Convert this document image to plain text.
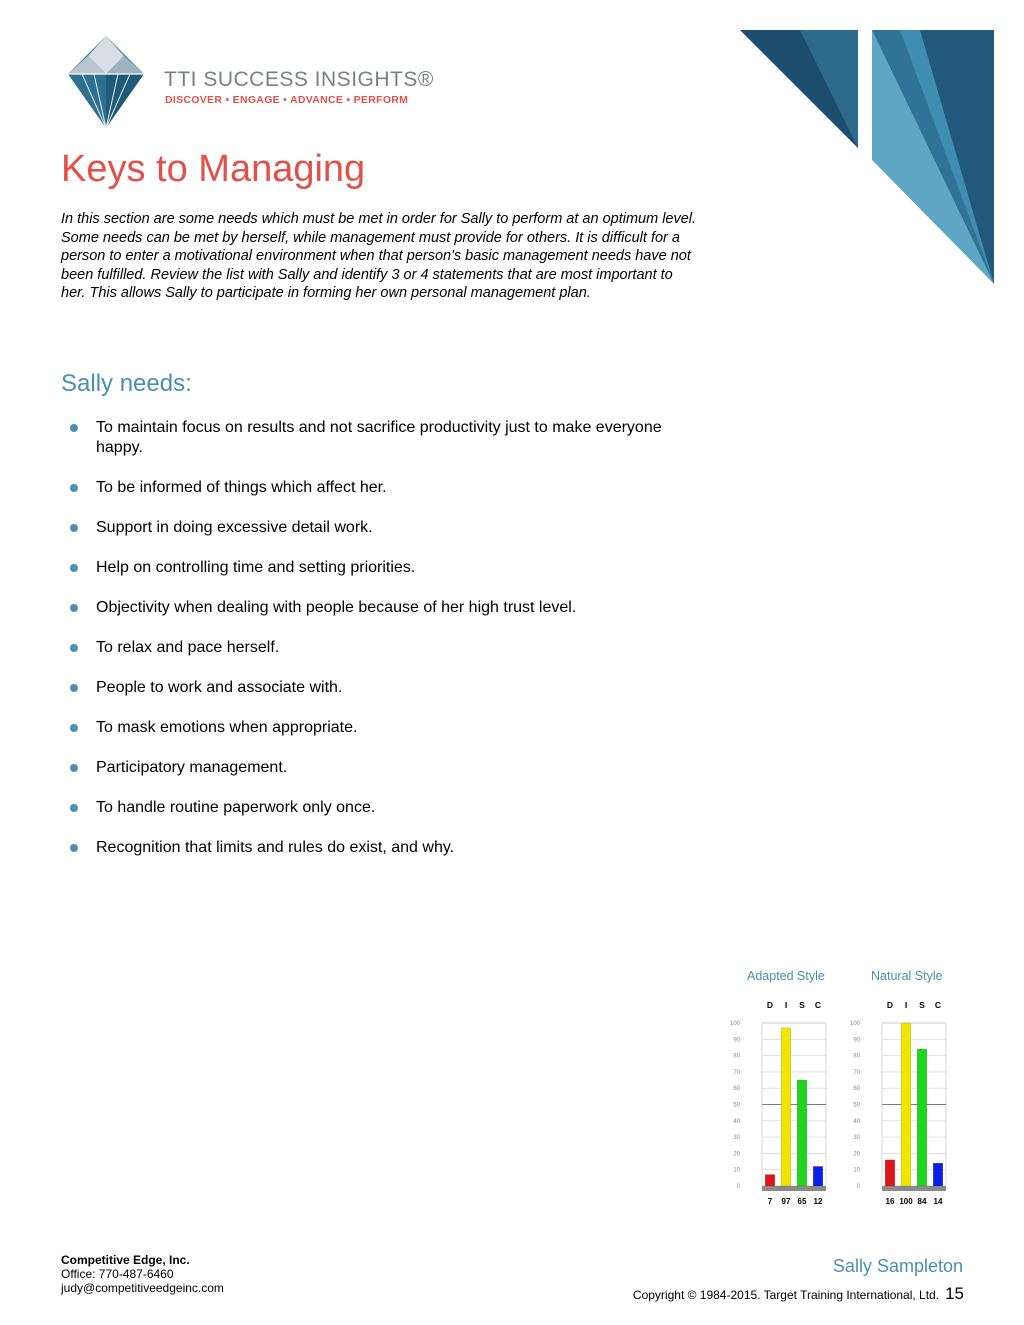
TTI SUCCESS INSIGHTS®
DISCOVER • ENGAGE • ADVANCE • PERFORM
Keys to Managing

In this section are some needs which must be met in order for Sally to perform at an optimum level. Some needs can be met by herself, while management must provide for others. It is difficult for a person to enter a motivational environment when that person's basic management needs have not been fulfilled. Review the list with Sally and identify 3 or 4 statements that are most important to her. This allows Sally to participate in forming her own personal management plan.

Sally needs:
To maintain focus on results and not sacrifice productivity just to make everyone happy.
To be informed of things which affect her.
Support in doing excessive detail work.
Help on controlling time and setting priorities.
Objectivity when dealing with people because of her high trust level.
To relax and pace herself.
People to work and associate with.
To mask emotions when appropriate.
Participatory management.
To handle routine paperwork only once.
Recognition that limits and rules do exist, and why.
Adapted Style	Natural Style
0
10
20
30
40
50
60
70
80
90
100
D
7
I
97
S
65
C
12
0
10
20
30
40
50
60
70
80
90
100
D
16
I
100
S
84
C
14
Competitive Edge, Inc.
Office: 770-487-6460
judy@competitiveedgeinc.com
Sally Sampleton
Copyright © 1984-2015. Target Training International, Ltd. 15
